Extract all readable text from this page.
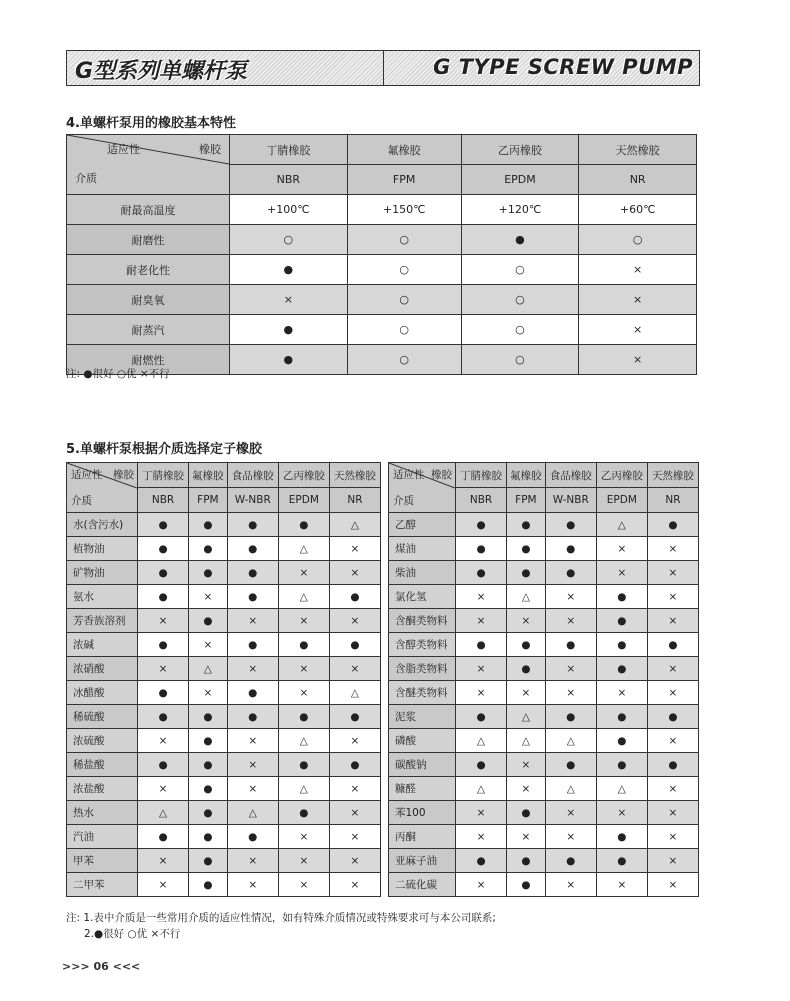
G型系列单螺杆泵	G TYPE SCREW PUMP
4.单螺杆泵用的橡胶基本特性
适应性 橡胶
介质	丁腈橡胶	氟橡胶	乙丙橡胶	天然橡胶
	NBR	FPM	EPDM	NR
耐最高温度	+100℃	+150℃	+120℃	+60℃
耐磨性	○	○	●	○
耐老化性	●	○	○	×
耐臭氧	×	○	○	×
耐蒸汽	●	○	○	×
耐燃性	●	○	○	×
注: ●很好 ○优 ×不行
5.单螺杆泵根据介质选择定子橡胶
适应性 橡胶
介质	丁腈橡胶	氟橡胶	食品橡胶	乙丙橡胶	天然橡胶
	NBR	FPM	W-NBR	EPDM	NR
水(含污水)	●	●	●	●	△
植物油	●	●	●	△	×
矿物油	●	●	●	×	×
氨水	●	×	●	△	●
芳香族溶剂	×	●	×	×	×
浓碱	●	×	●	●	●
浓硝酸	×	△	×	×	×
冰醋酸	●	×	●	×	△
稀硫酸	●	●	●	●	●
浓硫酸	×	●	×	△	×
稀盐酸	●	●	×	●	●
浓盐酸	×	●	×	△	×
热水	△	●	△	●	×
汽油	●	●	●	×	×
甲苯	×	●	×	×	×
二甲苯	×	●	×	×	×
适应性 橡胶
介质	丁腈橡胶	氟橡胶	食品橡胶	乙丙橡胶	天然橡胶
	NBR	FPM	W-NBR	EPDM	NR
乙醇	●	●	●	△	●
煤油	●	●	●	×	×
柴油	●	●	●	×	×
氯化氢	×	△	×	●	×
含酮类物料	×	×	×	●	×
含醇类物料	●	●	●	●	●
含脂类物料	×	●	×	●	×
含醚类物料	×	×	×	×	×
泥浆	●	△	●	●	●
磷酸	△	△	△	●	×
碳酸钠	●	×	●	●	●
糠醛	△	×	△	△	×
苯100	×	●	×	×	×
丙酮	×	×	×	●	×
亚麻子油	●	●	●	●	×
二硫化碳	×	●	×	×	×
注: 1.表中介质是一些常用介质的适应性情况，如有特殊介质情况或特殊要求可与本公司联系;
2.●很好 ○优 ×不行
>>> 06 <<<
